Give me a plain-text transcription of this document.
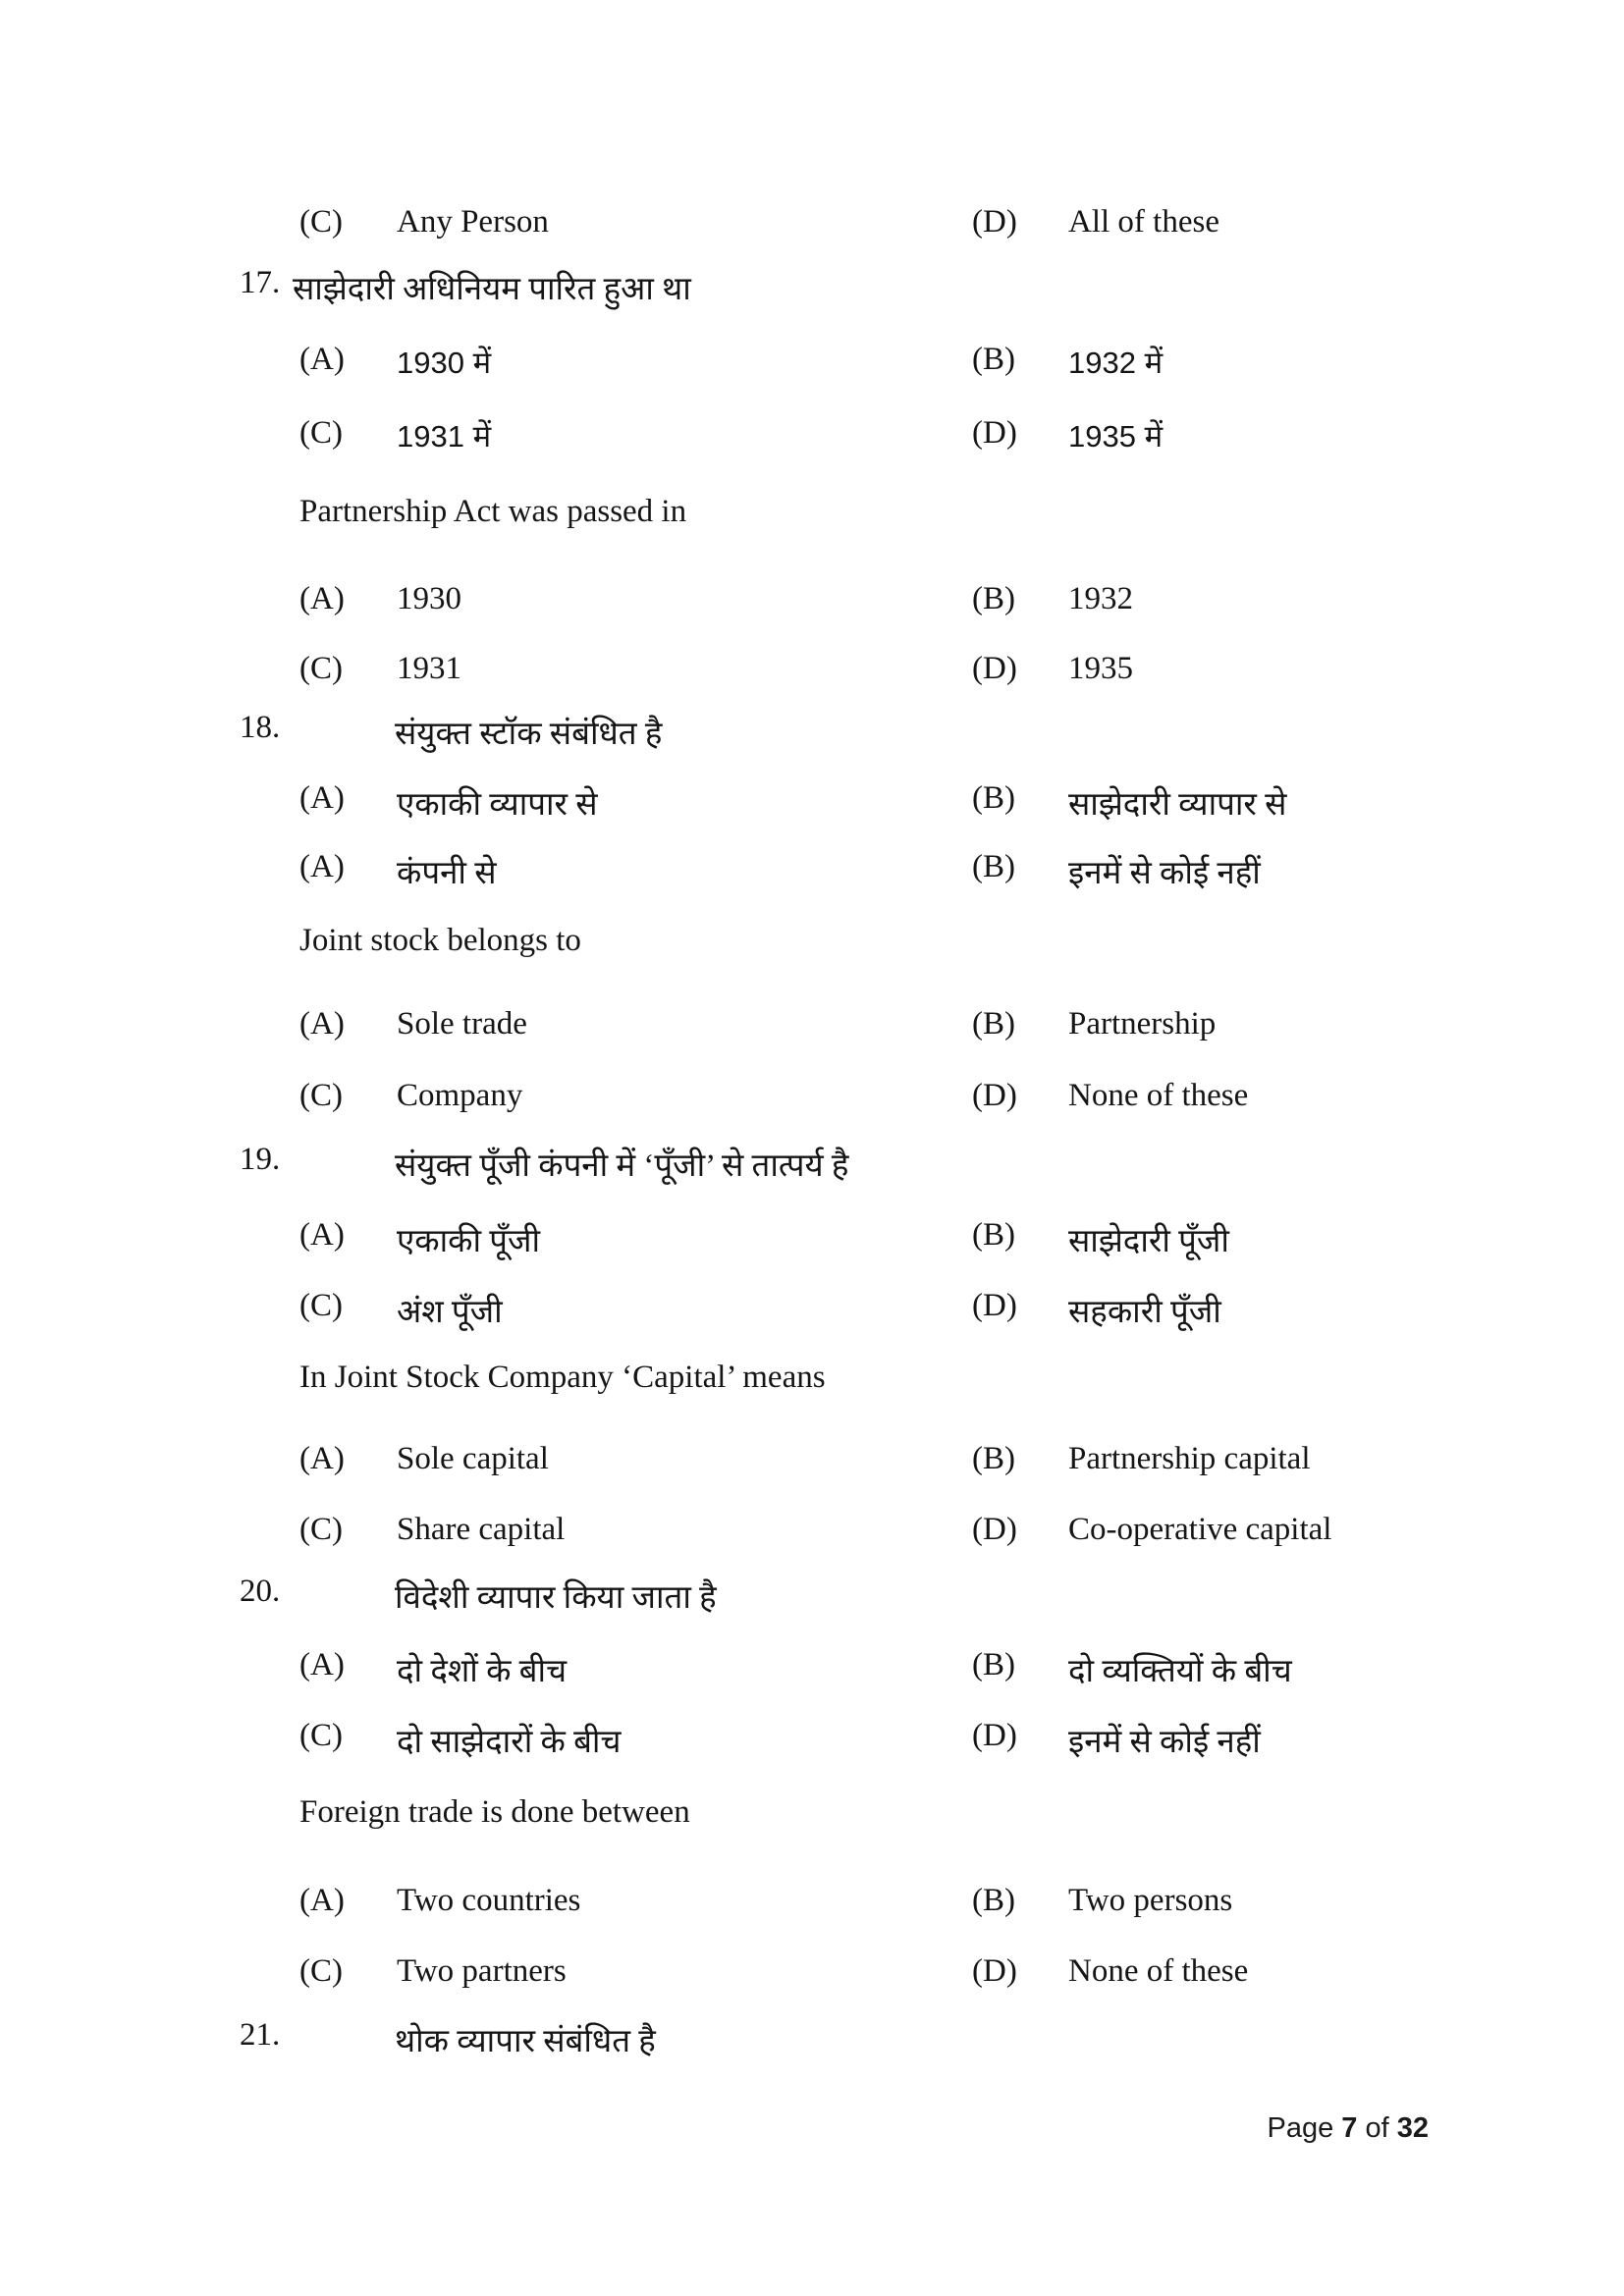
(C) Any Person	(D) All of these
17. साझेदारी अधिनियम पारित हुआ था
(A) 1930 में	(B) 1932 में
(C) 1931 में	(D) 1935 में
Partnership Act was passed in
(A) 1930	(B) 1932
(C) 1931	(D) 1935
18.	संयुक्त स्टॉक संबंधित है
(A) एकाकी व्यापार से	(B) साझेदारी व्यापार से
(A) कंपनी से	(B) इनमें से कोई नहीं
Joint stock belongs to
(A) Sole trade	(B) Partnership
(C) Company	(D) None of these
19.	संयुक्त पूँजी कंपनी में ‘पूँजी’ से तात्पर्य है
(A) एकाकी पूँजी	(B) साझेदारी पूँजी
(C) अंश पूँजी	(D) सहकारी पूँजी
In Joint Stock Company ‘Capital’ means
(A) Sole capital	(B) Partnership capital
(C) Share capital	(D) Co-operative capital
20.	विदेशी व्यापार किया जाता है
(A) दो देशों के बीच	(B) दो व्यक्तियों के बीच
(C) दो साझेदारों के बीच	(D) इनमें से कोई नहीं
Foreign trade is done between
(A) Two countries	(B) Two persons
(C) Two partners	(D) None of these
21.	थोक व्यापार संबंधित है
Page 7 of 32
